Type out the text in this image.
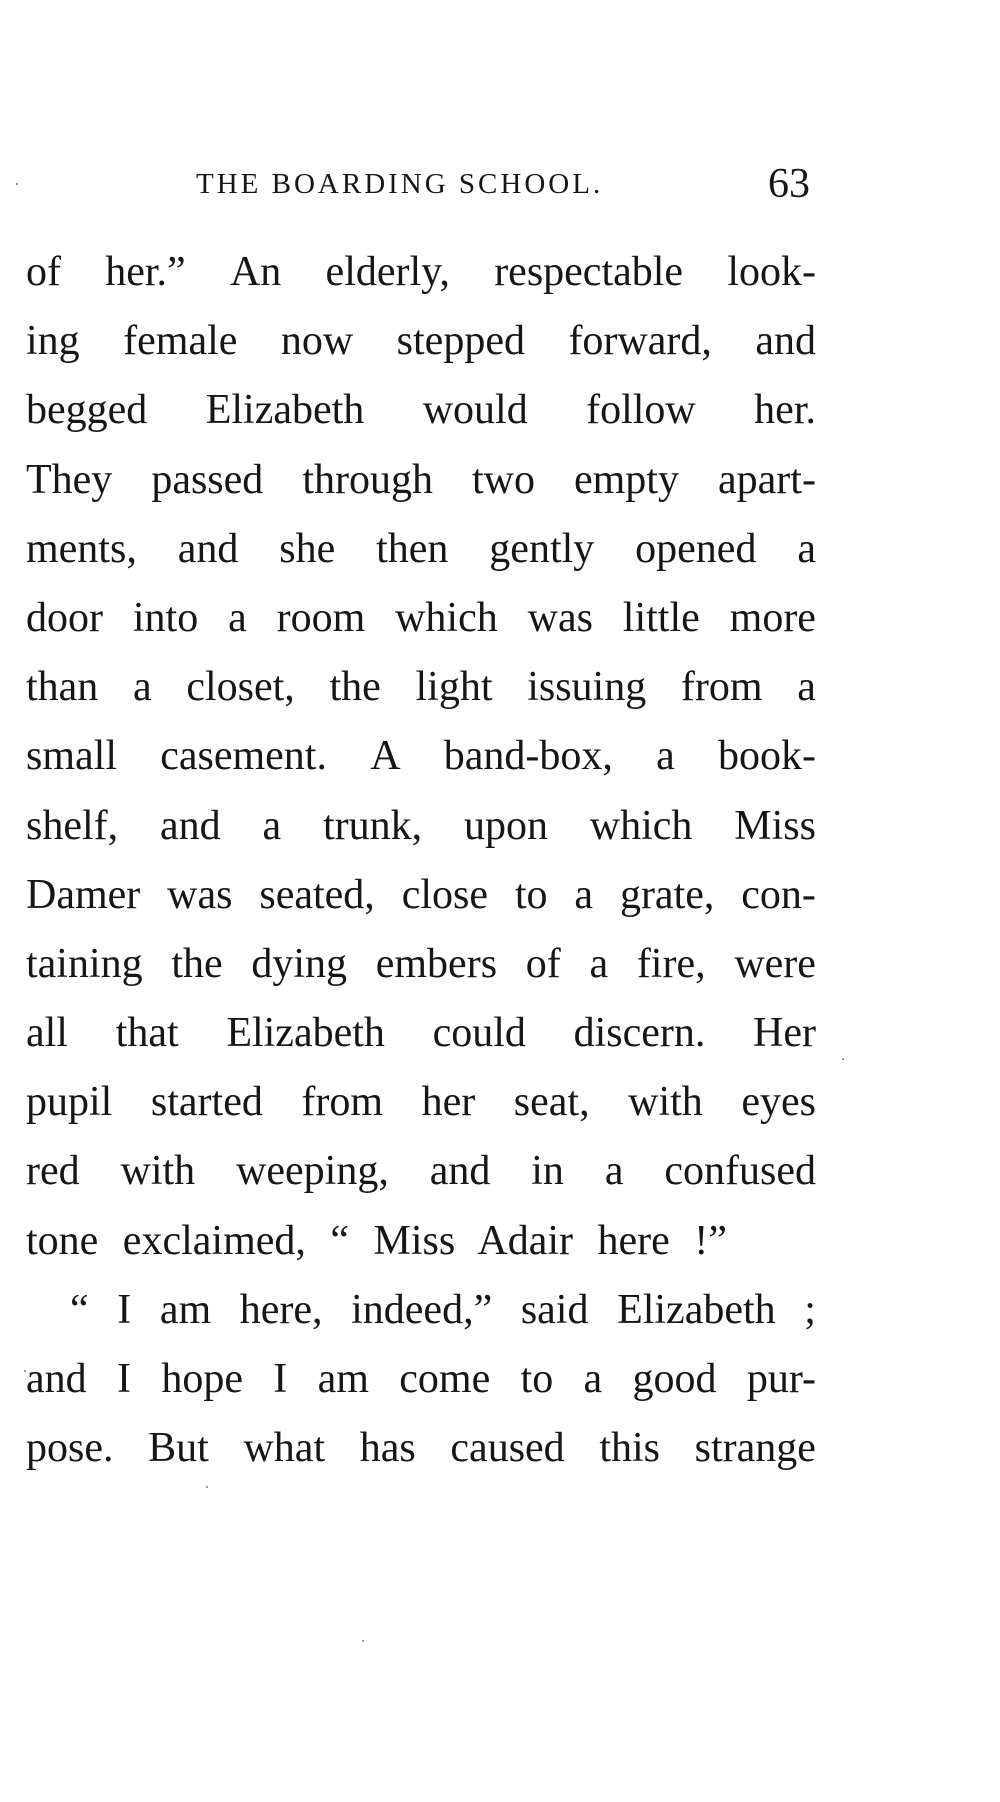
THE BOARDING SCHOOL.	63
of her.” An elderly, respectable look-
ing female now stepped forward, and
begged Elizabeth would follow her.
They passed through two empty apart-
ments, and she then gently opened a
door into a room which was little more
than a closet, the light issuing from a
small casement. A band-box, a book-
shelf, and a trunk, upon which Miss
Damer was seated, close to a grate, con-
taining the dying embers of a fire, were
all that Elizabeth could discern. Her
pupil started from her seat, with eyes
red with weeping, and in a confused
tone exclaimed, “ Miss Adair here !”
“ I am here, indeed,” said Elizabeth ;
and I hope I am come to a good pur-
pose. But what has caused this strange
